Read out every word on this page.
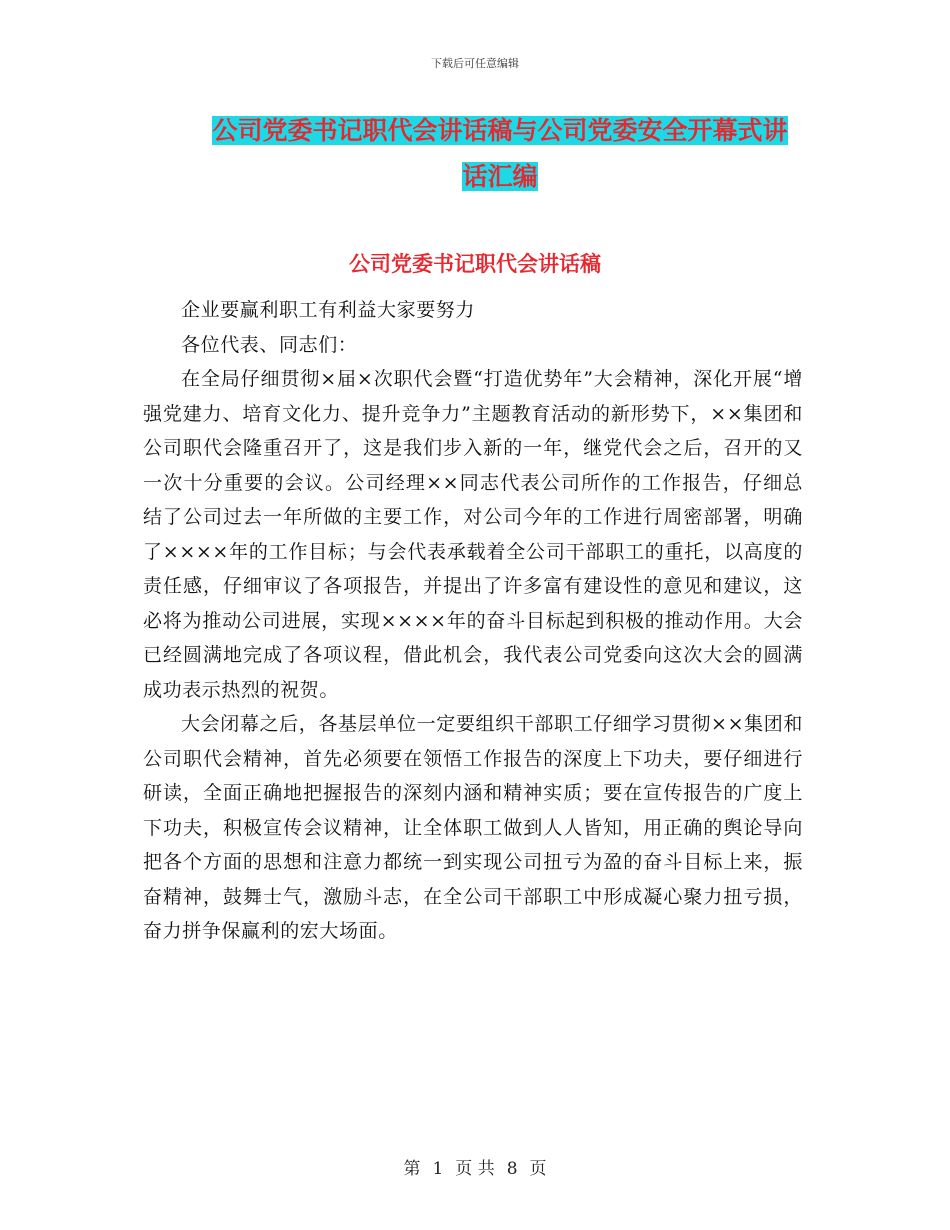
下载后可任意编辑
公司党委书记职代会讲话稿与公司党委安全开幕式讲
话汇编
公司党委书记职代会讲话稿

企业要赢利职工有利益大家要努力

各位代表、同志们：

在全局仔细贯彻×届×次职代会暨“打造优势年”大会精神，深化开展“增强党建力、培育文化力、提升竞争力”主题教育活动的新形势下，××集团和公司职代会隆重召开了，这是我们步入新的一年，继党代会之后，召开的又一次十分重要的会议。公司经理××同志代表公司所作的工作报告，仔细总结了公司过去一年所做的主要工作，对公司今年的工作进行周密部署，明确了××××年的工作目标；与会代表承载着全公司干部职工的重托，以高度的责任感，仔细审议了各项报告，并提出了许多富有建设性的意见和建议，这必将为推动公司进展，实现××××年的奋斗目标起到积极的推动作用。大会已经圆满地完成了各项议程，借此机会，我代表公司党委向这次大会的圆满成功表示热烈的祝贺。

大会闭幕之后，各基层单位一定要组织干部职工仔细学习贯彻××集团和公司职代会精神，首先必须要在领悟工作报告的深度上下功夫，要仔细进行研读，全面正确地把握报告的深刻内涵和精神实质；要在宣传报告的广度上下功夫，积极宣传会议精神，让全体职工做到人人皆知，用正确的舆论导向把各个方面的思想和注意力都统一到实现公司扭亏为盈的奋斗目标上来，振奋精神，鼓舞士气，激励斗志，在全公司干部职工中形成凝心聚力扭亏损，奋力拼争保赢利的宏大场面。

第 1 页 共 8 页
